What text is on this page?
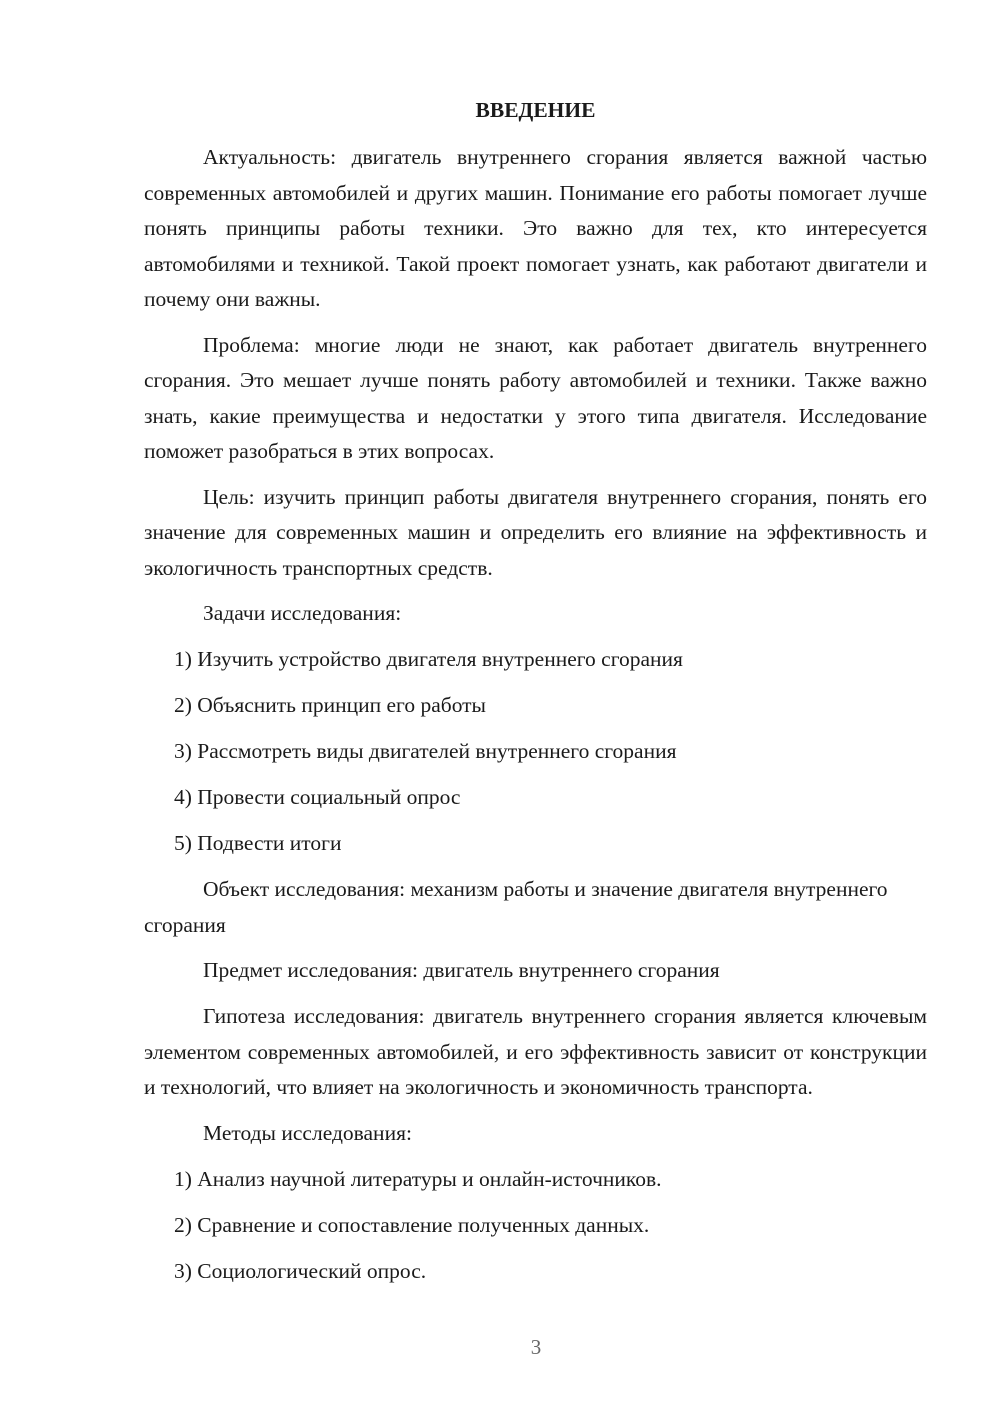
ВВЕДЕНИЕ

Актуальность: двигатель внутреннего сгорания является важной частью современных автомобилей и других машин. Понимание его работы помогает лучше понять принципы работы техники. Это важно для тех, кто интересуется автомобилями и техникой. Такой проект помогает узнать, как работают двигатели и почему они важны.

Проблема: многие люди не знают, как работает двигатель внутреннего сгорания. Это мешает лучше понять работу автомобилей и техники. Также важно знать, какие преимущества и недостатки у этого типа двигателя. Исследование поможет разобраться в этих вопросах.

Цель: изучить принцип работы двигателя внутреннего сгорания, понять его значение для современных машин и определить его влияние на эффективность и экологичность транспортных средств.

Задачи исследования:

1) Изучить устройство двигателя внутреннего сгорания

2) Объяснить принцип его работы

3) Рассмотреть виды двигателей внутреннего сгорания

4) Провести социальный опрос

5) Подвести итоги

Объект исследования: механизм работы и значение двигателя внутреннего сгорания

Предмет исследования: двигатель внутреннего сгорания

Гипотеза исследования: двигатель внутреннего сгорания является ключевым элементом современных автомобилей, и его эффективность зависит от конструкции и технологий, что влияет на экологичность и экономичность транспорта.

Методы исследования:

1) Анализ научной литературы и онлайн-источников.

2) Сравнение и сопоставление полученных данных.

3) Социологический опрос.

3
